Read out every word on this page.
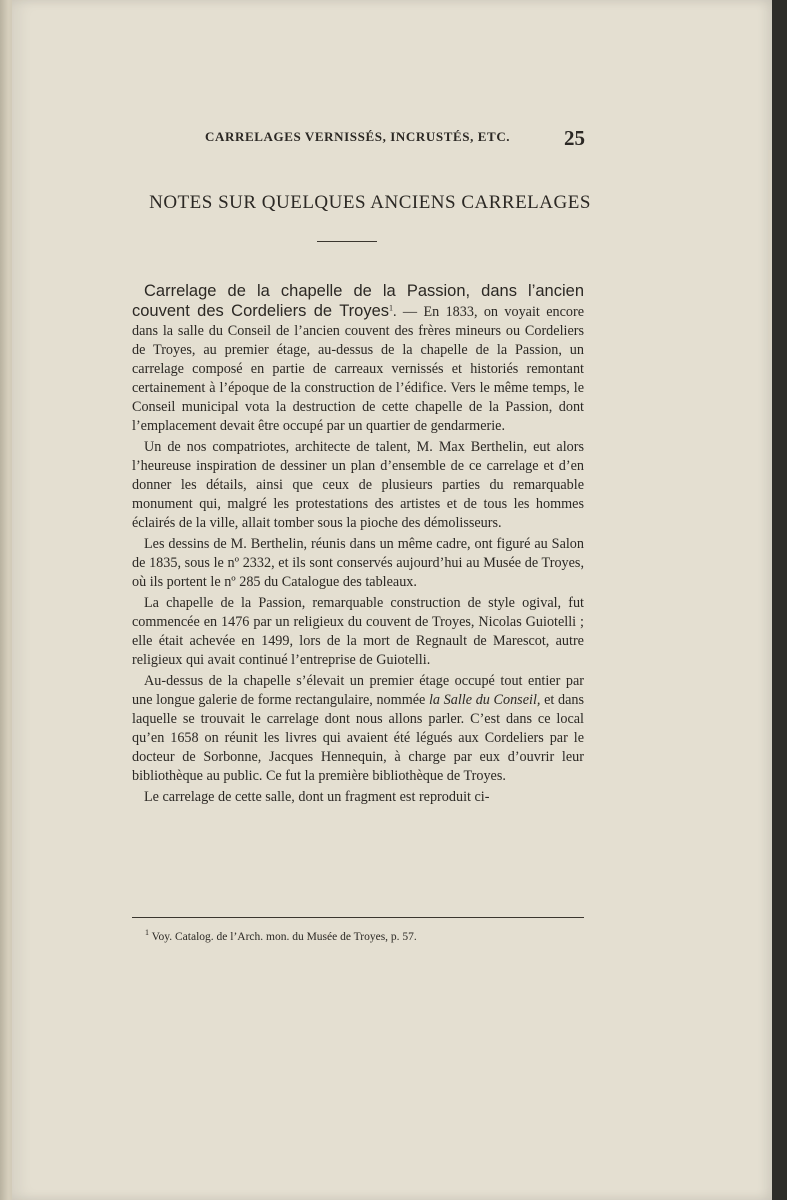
CARRELAGES VERNISSÉS, INCRUSTÉS, ETC.	25
NOTES SUR QUELQUES ANCIENS CARRELAGES

Carrelage de la chapelle de la Passion, dans l’ancien couvent des Cordeliers de Troyes$^1$. — En 1833, on voyait encore dans la salle du Conseil de l’ancien couvent des frères mineurs ou Cordeliers de Troyes, au premier étage, au-dessus de la chapelle de la Passion, un carrelage composé en partie de carreaux vernissés et historiés remontant certainement à l’époque de la construction de l’édifice. Vers le même temps, le Conseil municipal vota la destruction de cette chapelle de la Passion, dont l’emplacement devait être occupé par un quartier de gendarmerie.

Un de nos compatriotes, architecte de talent, M. Max Berthelin, eut alors l’heureuse inspiration de dessiner un plan d’ensemble de ce carrelage et d’en donner les détails, ainsi que ceux de plusieurs parties du remarquable monument qui, malgré les protestations des artistes et de tous les hommes éclairés de la ville, allait tomber sous la pioche des démolisseurs.

Les dessins de M. Berthelin, réunis dans un même cadre, ont figuré au Salon de 1835, sous le nº 2332, et ils sont conservés aujourd’hui au Musée de Troyes, où ils portent le nº 285 du Catalogue des tableaux.

La chapelle de la Passion, remarquable construction de style ogival, fut commencée en 1476 par un religieux du couvent de Troyes, Nicolas Guiotelli ; elle était achevée en 1499, lors de la mort de Regnault de Marescot, autre religieux qui avait continué l’entreprise de Guiotelli.

Au-dessus de la chapelle s’élevait un premier étage occupé tout entier par une longue galerie de forme rectangulaire, nommée la Salle du Conseil, et dans laquelle se trouvait le carrelage dont nous allons parler. C’est dans ce local qu’en 1658 on réunit les livres qui avaient été légués aux Cordeliers par le docteur de Sorbonne, Jacques Hennequin, à charge par eux d’ouvrir leur bibliothèque au public. Ce fut la première bibliothèque de Troyes.

Le carrelage de cette salle, dont un fragment est reproduit ci-

$^1$ Voy. Catalog. de l’Arch. mon. du Musée de Troyes, p. 57.
